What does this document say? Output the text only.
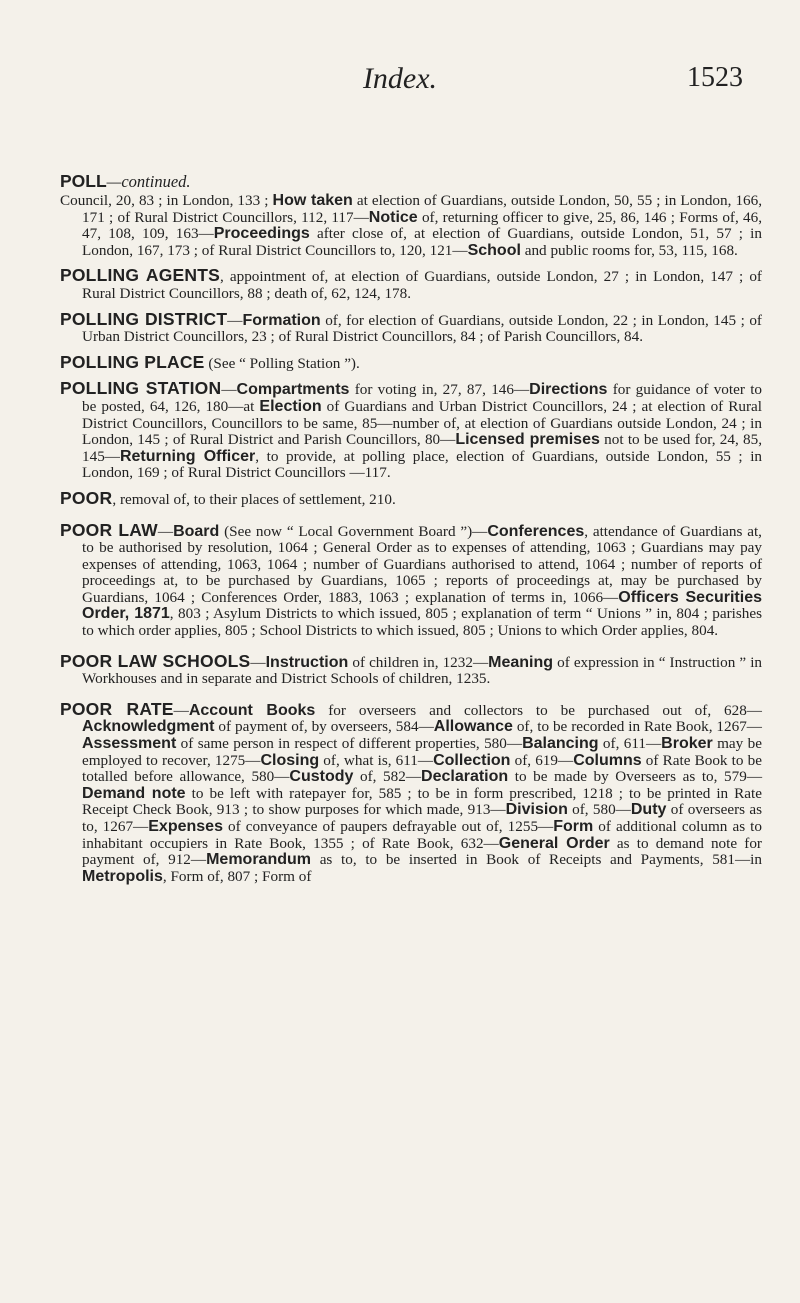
Index.	1523
POLL—continued.

Council, 20, 83 ; in London, 133 ; How taken at election of Guardians, outside London, 50, 55 ; in London, 166, 171 ; of Rural District Councillors, 112, 117—Notice of, returning officer to give, 25, 86, 146 ; Forms of, 46, 47, 108, 109, 163—Proceedings after close of, at election of Guardians, outside London, 51, 57 ; in London, 167, 173 ; of Rural District Councillors to, 120, 121—School and public rooms for, 53, 115, 168.

POLLING AGENTS, appointment of, at election of Guardians, outside London, 27 ; in London, 147 ; of Rural District Councillors, 88 ; death of, 62, 124, 178.

POLLING DISTRICT—Formation of, for election of Guardians, outside London, 22 ; in London, 145 ; of Urban District Councillors, 23 ; of Rural District Councillors, 84 ; of Parish Councillors, 84.

POLLING PLACE (See “ Polling Station ”).

POLLING STATION—Compartments for voting in, 27, 87, 146—Directions for guidance of voter to be posted, 64, 126, 180—at Election of Guardians and Urban District Councillors, 24 ; at election of Rural District Councillors, Councillors to be same, 85—number of, at election of Guardians outside London, 24 ; in London, 145 ; of Rural District and Parish Councillors, 80—Licensed premises not to be used for, 24, 85, 145—Returning Officer, to provide, at polling place, election of Guardians, outside London, 55 ; in London, 169 ; of Rural District Councillors —117.

POOR, removal of, to their places of settlement, 210.

POOR LAW—Board (See now “ Local Government Board ”)—Conferences, attendance of Guardians at, to be authorised by resolution, 1064 ; General Order as to expenses of attending, 1063 ; Guardians may pay expenses of attending, 1063, 1064 ; number of Guardians authorised to attend, 1064 ; number of reports of proceedings at, to be purchased by Guardians, 1065 ; reports of proceedings at, may be purchased by Guardians, 1064 ; Conferences Order, 1883, 1063 ; explanation of terms in, 1066—Officers Securities Order, 1871, 803 ; Asylum Districts to which issued, 805 ; explanation of term “ Unions ” in, 804 ; parishes to which order applies, 805 ; School Districts to which issued, 805 ; Unions to which Order applies, 804.

POOR LAW SCHOOLS—Instruction of children in, 1232—Meaning of expression in “ Instruction ” in Workhouses and in separate and District Schools of children, 1235.

POOR RATE—Account Books for overseers and collectors to be purchased out of, 628—Acknowledgment of payment of, by overseers, 584—Allowance of, to be recorded in Rate Book, 1267—Assessment of same person in respect of different properties, 580—Balancing of, 611—Broker may be employed to recover, 1275—Closing of, what is, 611—Collection of, 619—Columns of Rate Book to be totalled before allowance, 580—Custody of, 582—Declaration to be made by Overseers as to, 579—Demand note to be left with ratepayer for, 585 ; to be in form prescribed, 1218 ; to be printed in Rate Receipt Check Book, 913 ; to show purposes for which made, 913—Division of, 580—Duty of overseers as to, 1267—Expenses of conveyance of paupers defrayable out of, 1255—Form of additional column as to inhabitant occupiers in Rate Book, 1355 ; of Rate Book, 632—General Order as to demand note for payment of, 912—Memorandum as to, to be inserted in Book of Receipts and Payments, 581—in Metropolis, Form of, 807 ; Form of
